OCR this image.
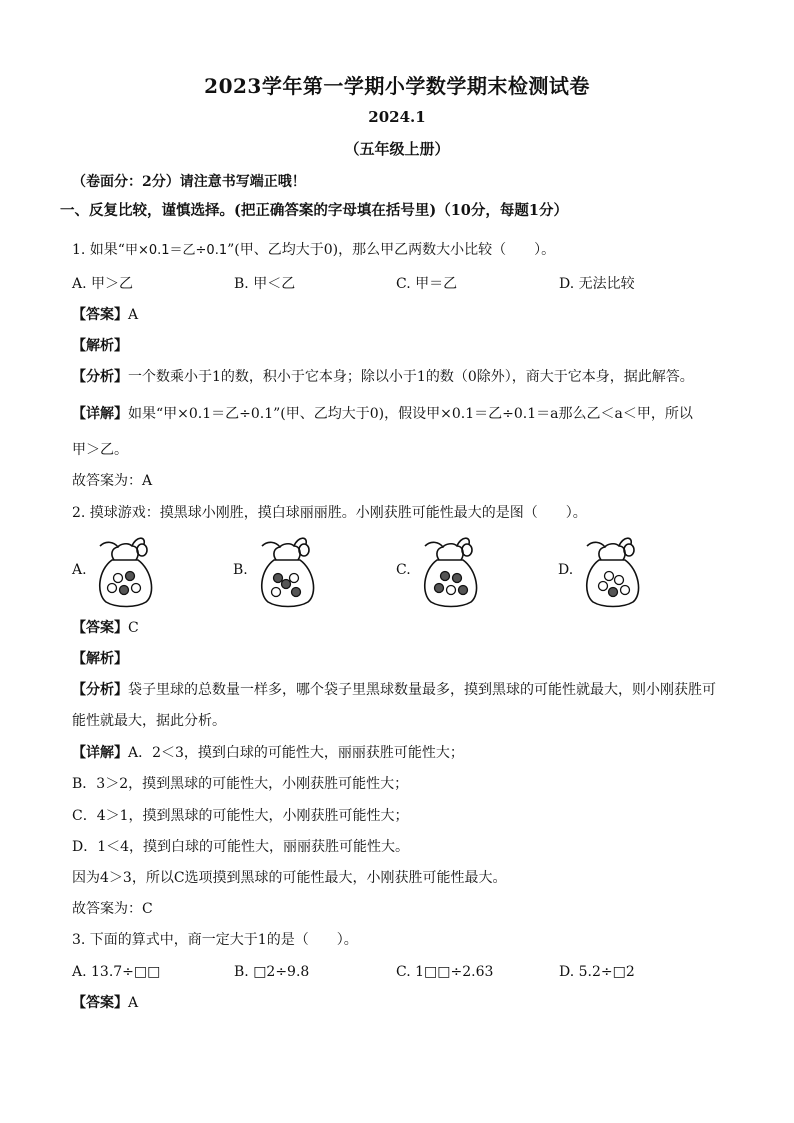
2023学年第一学期小学数学期末检测试卷
2024.1
（五年级上册）
（卷面分：2分）请注意书写端正哦！
一、反复比较，谨慎选择。(把正确答案的字母填在括号里)（10分，每题1分）
1. 如果“甲×0.1＝乙÷0.1”(甲、乙均大于0)，那么甲乙两数大小比较（　　）。
A. 甲＞乙	B. 甲＜乙	C. 甲＝乙	D. 无法比较
【答案】A
【解析】
【分析】一个数乘小于1的数，积小于它本身；除以小于1的数（0除外），商大于它本身，据此解答。
【详解】如果“甲×0.1＝乙÷0.1”(甲、乙均大于0)，假设甲×0.1＝乙÷0.1＝a那么乙＜a＜甲，所以
甲＞乙。
故答案为：A
2. 摸球游戏：摸黑球小刚胜，摸白球丽丽胜。小刚获胜可能性最大的是图（　　）。
A.	B.	C.	D.
【答案】C
【解析】
【分析】袋子里球的总数量一样多，哪个袋子里黑球数量最多，摸到黑球的可能性就最大，则小刚获胜可
能性就最大，据此分析。
【详解】A．2＜3，摸到白球的可能性大，丽丽获胜可能性大；
B．3＞2，摸到黑球的可能性大，小刚获胜可能性大；
C．4＞1，摸到黑球的可能性大，小刚获胜可能性大；
D．1＜4，摸到白球的可能性大，丽丽获胜可能性大。
因为4＞3，所以C选项摸到黑球的可能性最大，小刚获胜可能性最大。
故答案为：C
3. 下面的算式中，商一定大于1的是（　　）。
A. 13.7÷□□	B. □2÷9.8	C. 1□□÷2.63	D. 5.2÷□2
【答案】A
